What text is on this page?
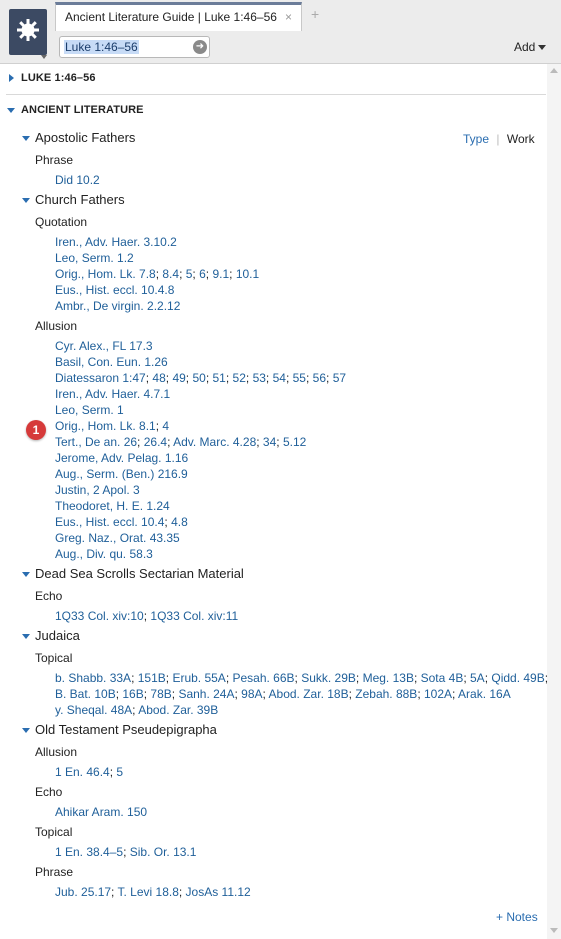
Ancient Literature Guide | Luke 1:46–56 × +
Luke 1:46–56	➜	Add
LUKE 1:46–56
ANCIENT LITERATURE
Type | Work
Apostolic Fathers
Phrase
Did 10.2
Church Fathers
Quotation
Iren., Adv. Haer. 3.10.2
Leo, Serm. 1.2
Orig., Hom. Lk. 7.8; 8.4; 5; 6; 9.1; 10.1
Eus., Hist. eccl. 10.4.8
Ambr., De virgin. 2.2.12
Allusion
Cyr. Alex., FL 17.3
Basil, Con. Eun. 1.26
Diatessaron 1:47; 48; 49; 50; 51; 52; 53; 54; 55; 56; 57
Iren., Adv. Haer. 4.7.1
Leo, Serm. 1
Orig., Hom. Lk. 8.1; 4
Tert., De an. 26; 26.4; Adv. Marc. 4.28; 34; 5.12
Jerome, Adv. Pelag. 1.16
Aug., Serm. (Ben.) 216.9
Justin, 2 Apol. 3
Theodoret, H. E. 1.24
Eus., Hist. eccl. 10.4; 4.8
Greg. Naz., Orat. 43.35
Aug., Div. qu. 58.3
Dead Sea Scrolls Sectarian Material
Echo
1Q33 Col. xiv:10; 1Q33 Col. xiv:11
Judaica
Topical
b. Shabb. 33A; 151B; Erub. 55A; Pesah. 66B; Sukk. 29B; Meg. 13B; Sota 4B; 5A; Qidd. 49B;
B. Bat. 10B; 16B; 78B; Sanh. 24A; 98A; Abod. Zar. 18B; Zebah. 88B; 102A; Arak. 16A
y. Sheqal. 48A; Abod. Zar. 39B
Old Testament Pseudepigrapha
Allusion
1 En. 46.4; 5
Echo
Ahikar Aram. 150
Topical
1 En. 38.4–5; Sib. Or. 13.1
Phrase
Jub. 25.17; T. Levi 18.8; JosAs 11.12
1
+ Notes
